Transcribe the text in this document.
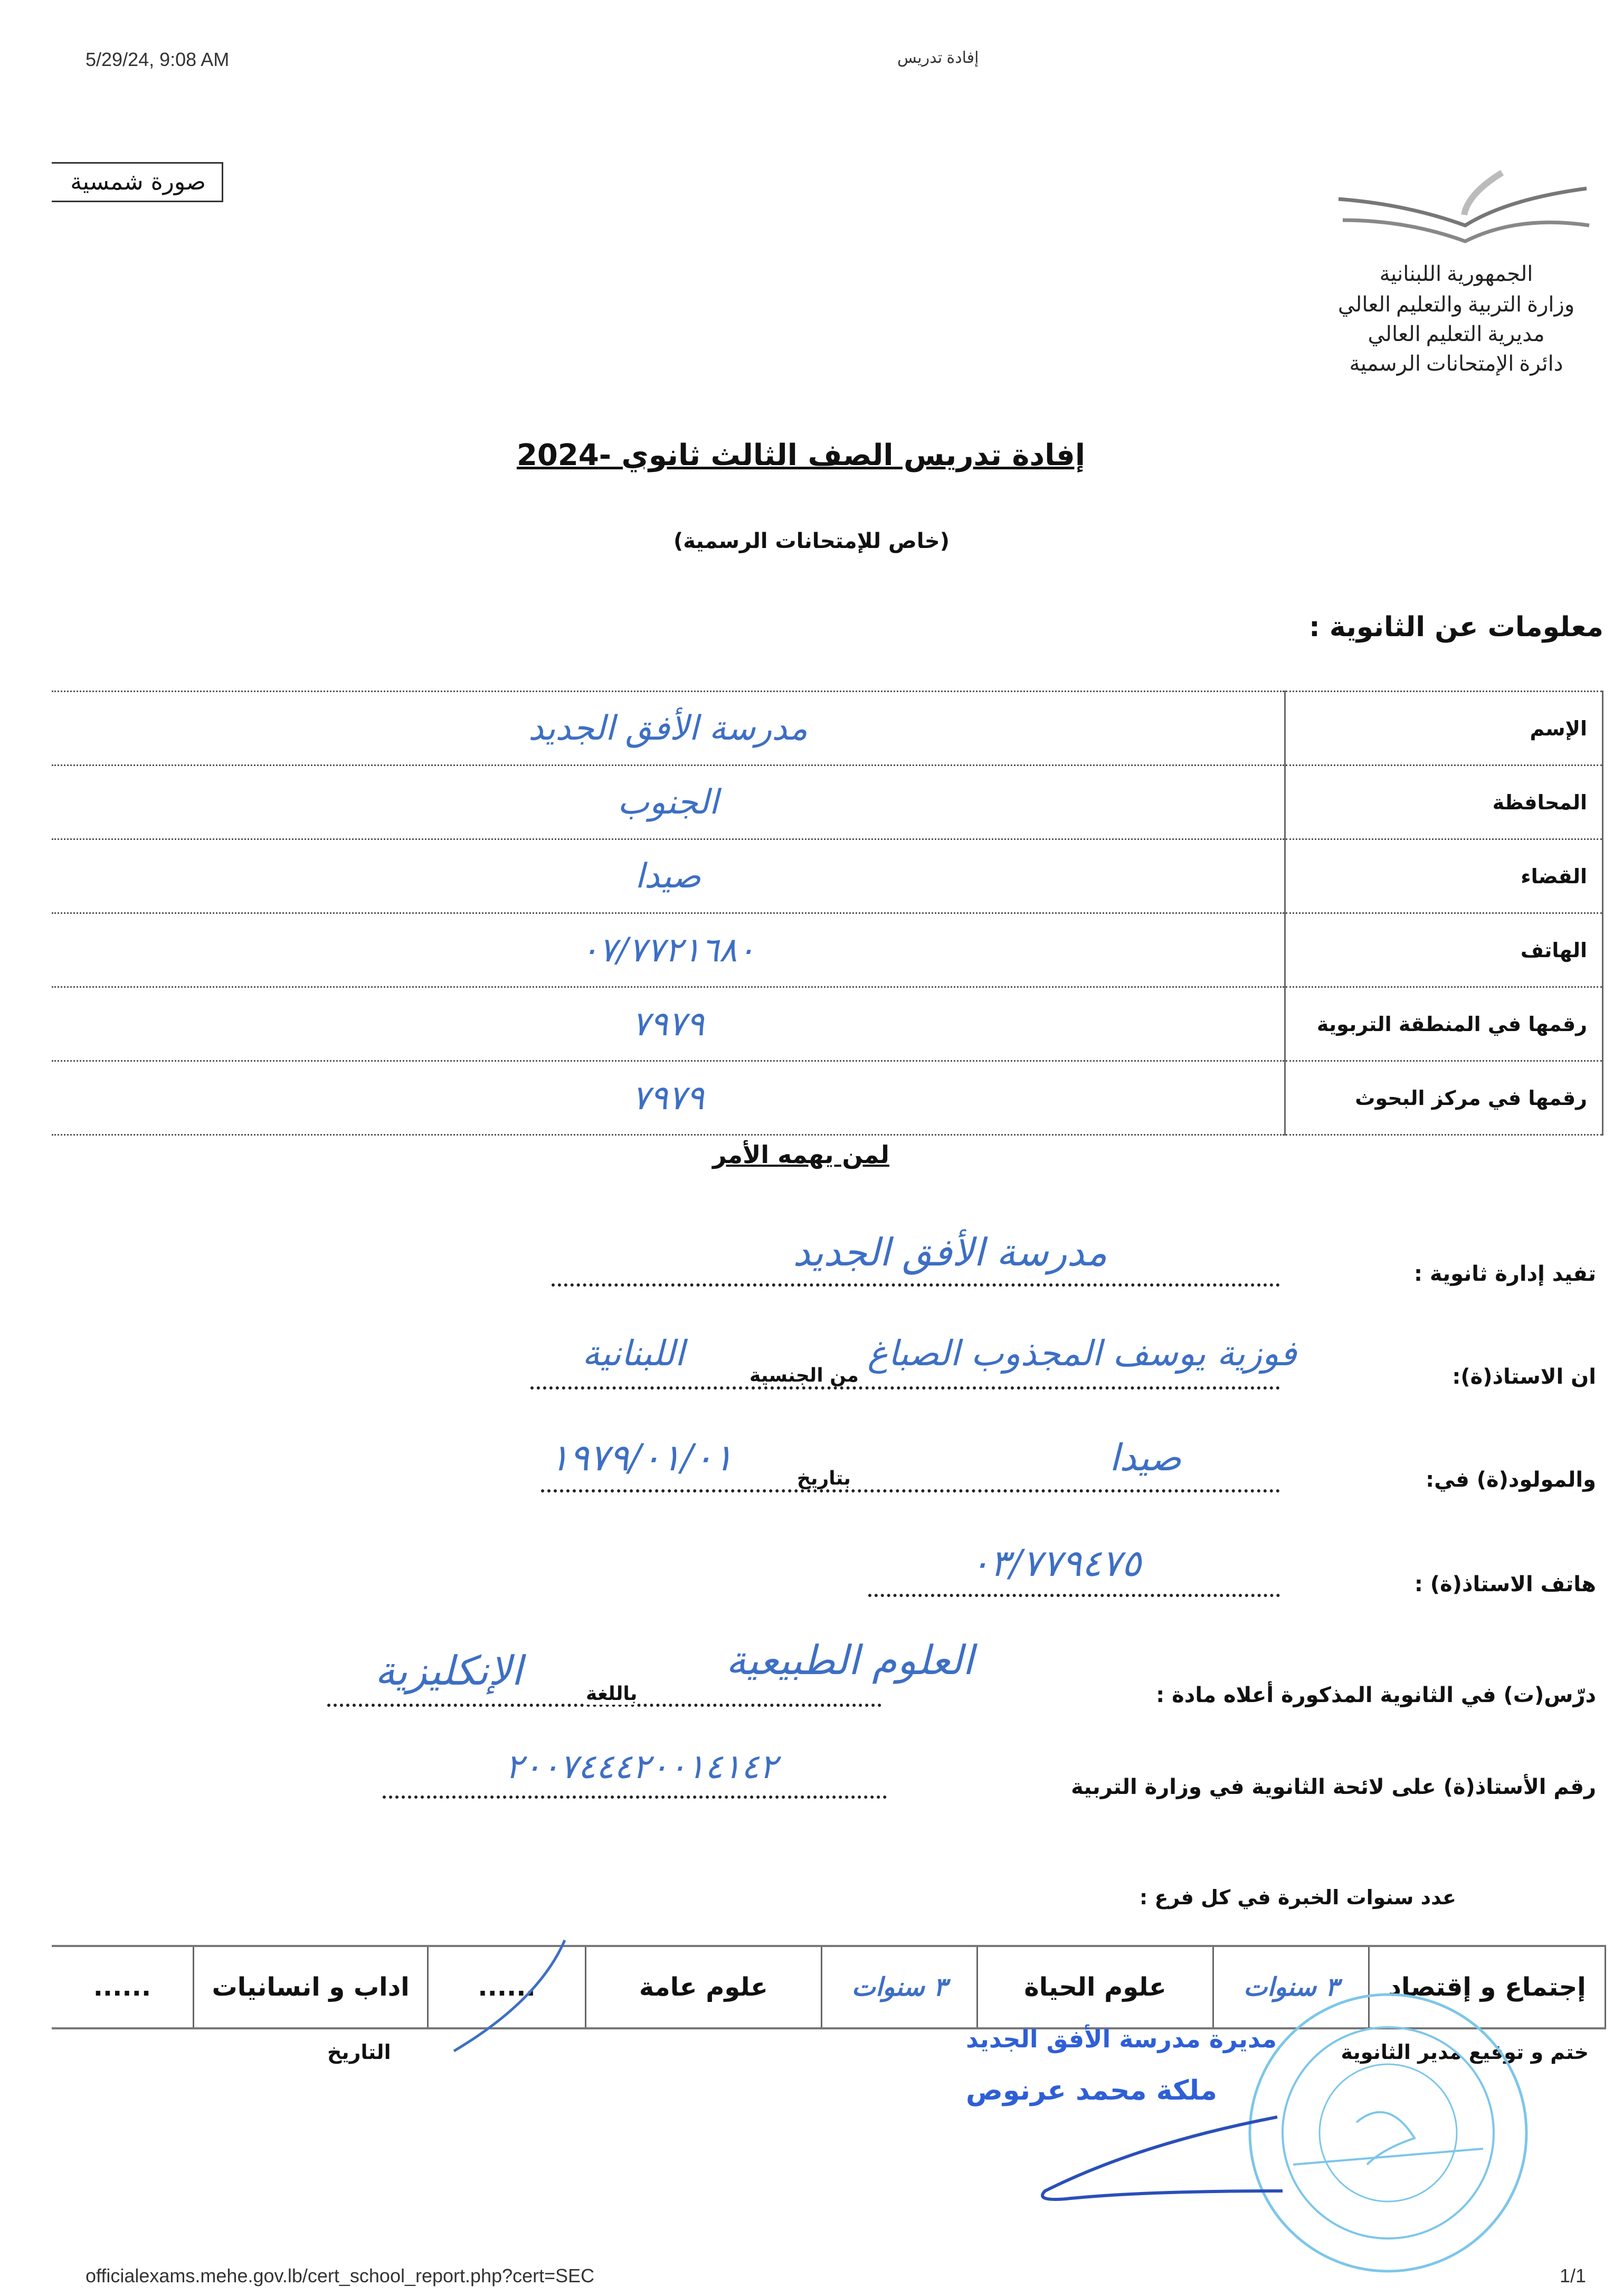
5/29/24, 9:08 AM	إفادة تدريس
صورة شمسية
الجمهورية اللبنانية
وزارة التربية والتعليم العالي
مديرية التعليم العالي
دائرة الإمتحانات الرسمية
إفادة تدريس الصف الثالث ثانوي -2024
(خاص للإمتحانات الرسمية)
معلومات عن الثانوية :
الإسم	مدرسة الأفق الجديد
المحافظة	الجنوب
القضاء	صيدا
الهاتف	٠٧/٧٧٢١٦٨٠
رقمها في المنطقة التربوية	٧٩٧٩
رقمها في مركز البحوث	٧٩٧٩
لمن يهمه الأمر
تفيد إدارة ثانوية :
مدرسة الأفق الجديد
ان الاستاذ(ة):
فوزية يوسف المجذوب الصباغ
من الجنسية
اللبنانية
والمولود(ة) في:
صيدا
بتاريخ
١٩٧٩/٠١/٠١
هاتف الاستاذ(ة) :
٠٣/٧٧٩٤٧٥
درّس(ت) في الثانوية المذكورة أعلاه مادة :
العلوم الطبيعية
باللغة
الإنكليزية
رقم الأستاذ(ة) على لائحة الثانوية في وزارة التربية
٢٠٠٧٤٤٤٢٠٠١٤١٤٢
عدد سنوات الخبرة في كل فرع :
إجتماع و إقتصاد	٣ سنوات	علوم الحياة	٣ سنوات	علوم عامة	......	اداب و انسانيات	......
ختم و توقيع مدير الثانوية
التاريخ	مديرة مدرسة الأفق الجديد
ملكة محمد عرنوص
officialexams.mehe.gov.lb/cert_school_report.php?cert=SEC	1/1
